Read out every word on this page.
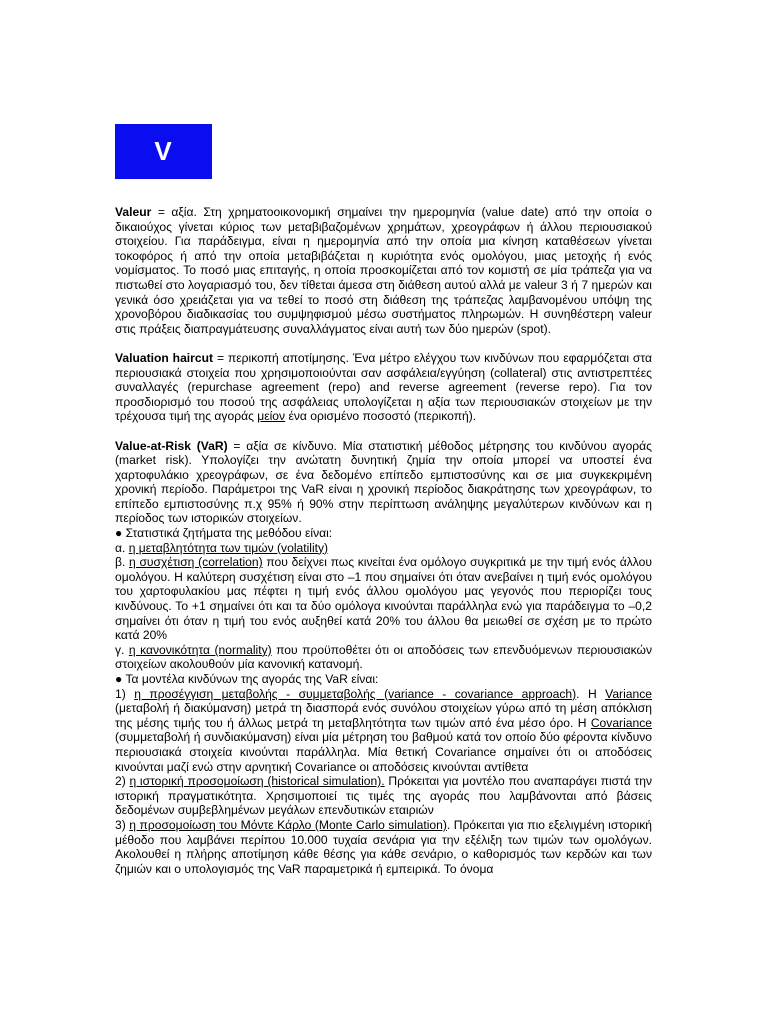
V

Valeur = αξία. Στη χρηματοοικονομική σημαίνει την ημερομηνία (value date) από την οποία ο δικαιούχος γίνεται κύριος των μεταβιβαζομένων χρημάτων, χρεογράφων ή άλλου περιουσιακού στοιχείου. Για παράδειγμα, είναι η ημερομηνία από την οποία μια κίνηση καταθέσεων γίνεται τοκοφόρος ή από την οποία μεταβιβάζεται η κυριότητα ενός ομολόγου, μιας μετοχής ή ενός νομίσματος. Το ποσό μιας επιταγής, η οποία προσκομίζεται από τον κομιστή σε μία τράπεζα για να πιστωθεί στο λογαριασμό του, δεν τίθεται άμεσα στη διάθεση αυτού αλλά με valeur 3 ή 7 ημερών και γενικά όσο χρειάζεται για να τεθεί το ποσό στη διάθεση της τράπεζας λαμβανομένου υπόψη της χρονοβόρου διαδικασίας του συμψηφισμού μέσω συστήματος πληρωμών. Η συνηθέστερη valeur στις πράξεις διαπραγμάτευσης συναλλάγματος είναι αυτή των δύο ημερών (spot).

Valuation haircut = περικοπή αποτίμησης. Ένα μέτρο ελέγχου των κινδύνων που εφαρμόζεται στα περιουσιακά στοιχεία που χρησιμοποιούνται σαν ασφάλεια/εγγύηση (collateral) στις αντιστρεπτέες συναλλαγές (repurchase agreement (repo) and reverse agreement (reverse repo). Για τον προσδιορισμό του ποσού της ασφάλειας υπολογίζεται η αξία των περιουσιακών στοιχείων με την τρέχουσα τιμή της αγοράς μείον ένα ορισμένο ποσοστό (περικοπή).

Value-at-Risk (VaR) = αξία σε κίνδυνο. Μία στατιστική μέθοδος μέτρησης του κινδύνου αγοράς (market risk). Υπολογίζει την ανώτατη δυνητική ζημία την οποία μπορεί να υποστεί ένα χαρτοφυλάκιο χρεογράφων, σε ένα δεδομένο επίπεδο εμπιστοσύνης και σε μια συγκεκριμένη χρονική περίοδο. Παράμετροι της VaR είναι η χρονική περίοδος διακράτησης των χρεογράφων, το επίπεδο εμπιστοσύνης π.χ 95% ή 90% στην περίπτωση ανάληψης μεγαλύτερων κινδύνων και η περίοδος των ιστορικών στοιχείων.

● Στατιστικά ζητήματα της μεθόδου είναι:

α. η μεταβλητότητα των τιμών (volatility)

β. η συσχέτιση (correlation) που δείχνει πως κινείται ένα ομόλογο συγκριτικά με την τιμή ενός άλλου ομολόγου. Η καλύτερη συσχέτιση είναι στο –1 που σημαίνει ότι όταν ανεβαίνει η τιμή ενός ομολόγου του χαρτοφυλακίου μας πέφτει η τιμή ενός άλλου ομολόγου μας γεγονός που περιορίζει τους κινδύνους. Το +1 σημαίνει ότι και τα δύο ομόλογα κινούνται παράλληλα ενώ για παράδειγμα το –0,2 σημαίνει ότι όταν η τιμή του ενός αυξηθεί κατά 20% του άλλου θα μειωθεί σε σχέση με το πρώτο κατά 20%

γ. η κανονικότητα (normality) που προϋποθέτει ότι οι αποδόσεις των επενδυόμενων περιουσιακών στοιχείων ακολουθούν μία κανονική κατανομή.

● Τα μοντέλα κινδύνων της αγοράς της VaR είναι:

1) η προσέγγιση μεταβολής - συμμεταβολής (variance - covariance approach). Η Variance (μεταβολή ή διακύμανση) μετρά τη διασπορά ενός συνόλου στοιχείων γύρω από τη μέση απόκλιση της μέσης τιμής του ή άλλως μετρά τη μεταβλητότητα των τιμών από ένα μέσο όρο. Η Covariance (συμμεταβολή ή συνδιακύμανση) είναι μία μέτρηση του βαθμού κατά τον οποίο δύο φέροντα κίνδυνο περιουσιακά στοιχεία κινούνται παράλληλα. Μία θετική Covariance σημαίνει ότι οι αποδόσεις κινούνται μαζί ενώ στην αρνητική Covariance οι αποδόσεις κινούνται αντίθετα

2) η ιστορική προσομοίωση (historical simulation). Πρόκειται για μοντέλο που αναπαράγει πιστά την ιστορική πραγματικότητα. Χρησιμοποιεί τις τιμές της αγοράς που λαμβάνονται από βάσεις δεδομένων συμβεβλημένων μεγάλων επενδυτικών εταιριών

3) η προσομοίωση του Μόντε Κάρλο (Monte Carlo simulation). Πρόκειται για πιο εξελιγμένη ιστορική μέθοδο που λαμβάνει περίπου 10.000 τυχαία σενάρια για την εξέλιξη των τιμών των ομολόγων. Ακολουθεί η πλήρης αποτίμηση κάθε θέσης για κάθε σενάριο, ο καθορισμός των κερδών και των ζημιών και ο υπολογισμός της VaR παραμετρικά ή εμπειρικά. Το όνομα
